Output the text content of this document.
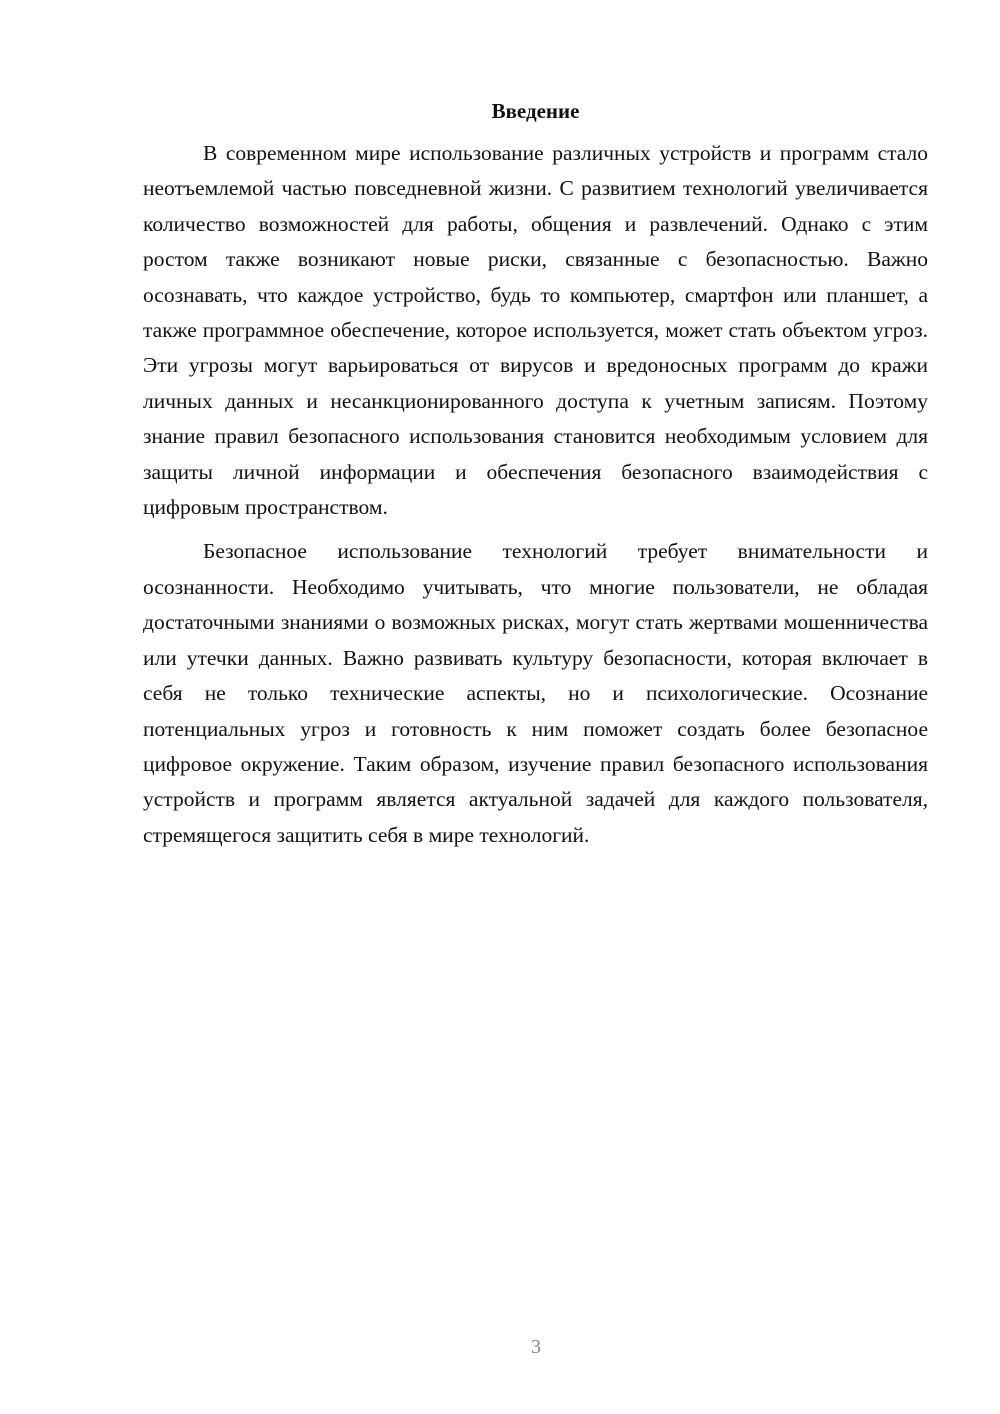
Введение

В современном мире использование различных устройств и программ стало неотъемлемой частью повседневной жизни. С развитием технологий увеличивается количество возможностей для работы, общения и развлечений. Однако с этим ростом также возникают новые риски, связанные с безопасностью. Важно осознавать, что каждое устройство, будь то компьютер, смартфон или планшет, а также программное обеспечение, которое используется, может стать объектом угроз. Эти угрозы могут варьироваться от вирусов и вредоносных программ до кражи личных данных и несанкционированного доступа к учетным записям. Поэтому знание правил безопасного использования становится необходимым условием для защиты личной информации и обеспечения безопасного взаимодействия с цифровым пространством.

Безопасное использование технологий требует внимательности и осознанности. Необходимо учитывать, что многие пользователи, не обладая достаточными знаниями о возможных рисках, могут стать жертвами мошенничества или утечки данных. Важно развивать культуру безопасности, которая включает в себя не только технические аспекты, но и психологические. Осознание потенциальных угроз и готовность к ним поможет создать более безопасное цифровое окружение. Таким образом, изучение правил безопасного использования устройств и программ является актуальной задачей для каждого пользователя, стремящегося защитить себя в мире технологий.

3
